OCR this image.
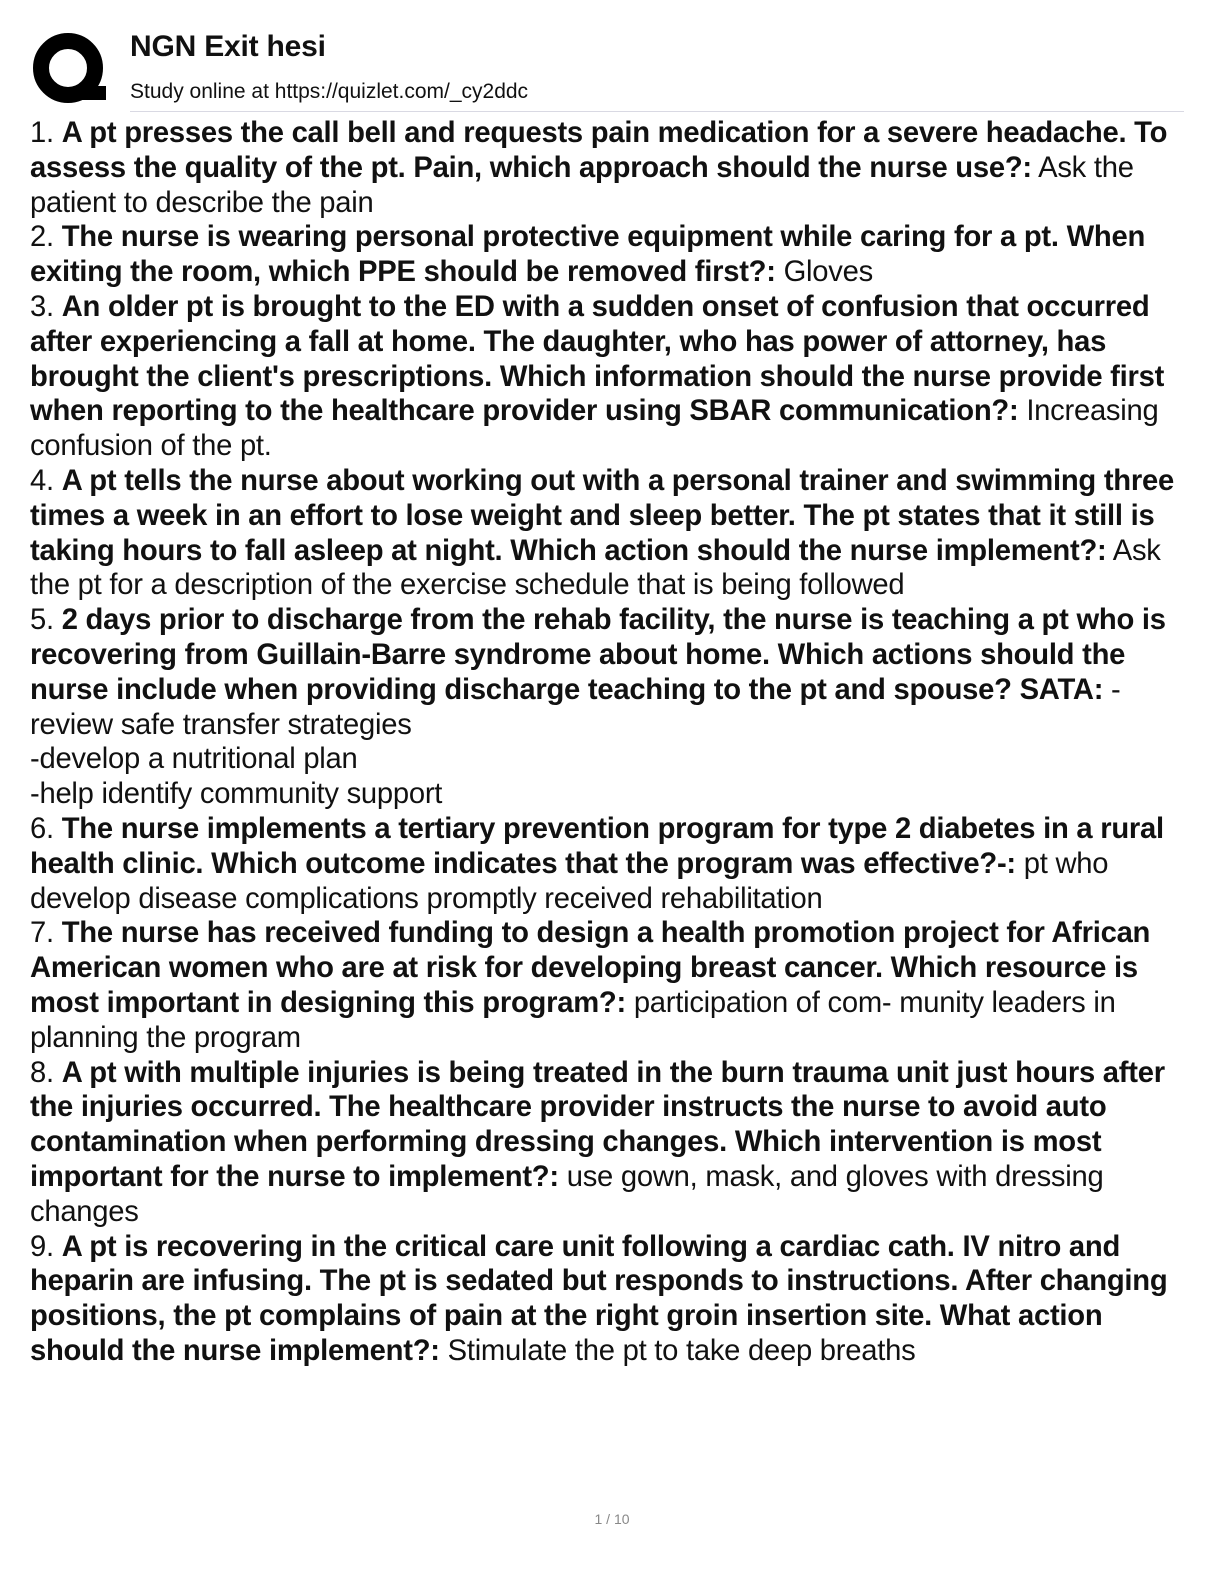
NGN Exit hesi
Study online at https://quizlet.com/_cy2ddc
1. A pt presses the call bell and requests pain medication for a severe headache. To assess the quality of the pt. Pain, which approach should the nurse use?: Ask the patient to describe the pain
2. The nurse is wearing personal protective equipment while caring for a pt. When exiting the room, which PPE should be removed first?: Gloves
3. An older pt is brought to the ED with a sudden onset of confusion that occurred after experiencing a fall at home. The daughter, who has power of attorney, has brought the client's prescriptions. Which information should the nurse provide first when reporting to the healthcare provider using SBAR communication?: Increasing confusion of the pt.
4. A pt tells the nurse about working out with a personal trainer and swimming three times a week in an effort to lose weight and sleep better. The pt states that it still is taking hours to fall asleep at night. Which action should the nurse implement?: Ask the pt for a description of the exercise schedule that is being followed
5. 2 days prior to discharge from the rehab facility, the nurse is teaching a pt who is recovering from Guillain-Barre syndrome about home. Which actions should the nurse include when providing discharge teaching to the pt and spouse? SATA: -review safe transfer strategies
-develop a nutritional plan
-help identify community support
6. The nurse implements a tertiary prevention program for type 2 diabetes in a rural health clinic. Which outcome indicates that the program was effective?-: pt who develop disease complications promptly received rehabilitation
7. The nurse has received funding to design a health promotion project for African American women who are at risk for developing breast cancer. Which resource is most important in designing this program?: participation of com- munity leaders in planning the program
8. A pt with multiple injuries is being treated in the burn trauma unit just hours after the injuries occurred. The healthcare provider instructs the nurse to avoid auto contamination when performing dressing changes. Which intervention is most important for the nurse to implement?: use gown, mask, and gloves with dressing changes
9. A pt is recovering in the critical care unit following a cardiac cath. IV nitro and heparin are infusing. The pt is sedated but responds to instructions. After changing positions, the pt complains of pain at the right groin insertion site. What action should the nurse implement?: Stimulate the pt to take deep breaths
1 / 10
